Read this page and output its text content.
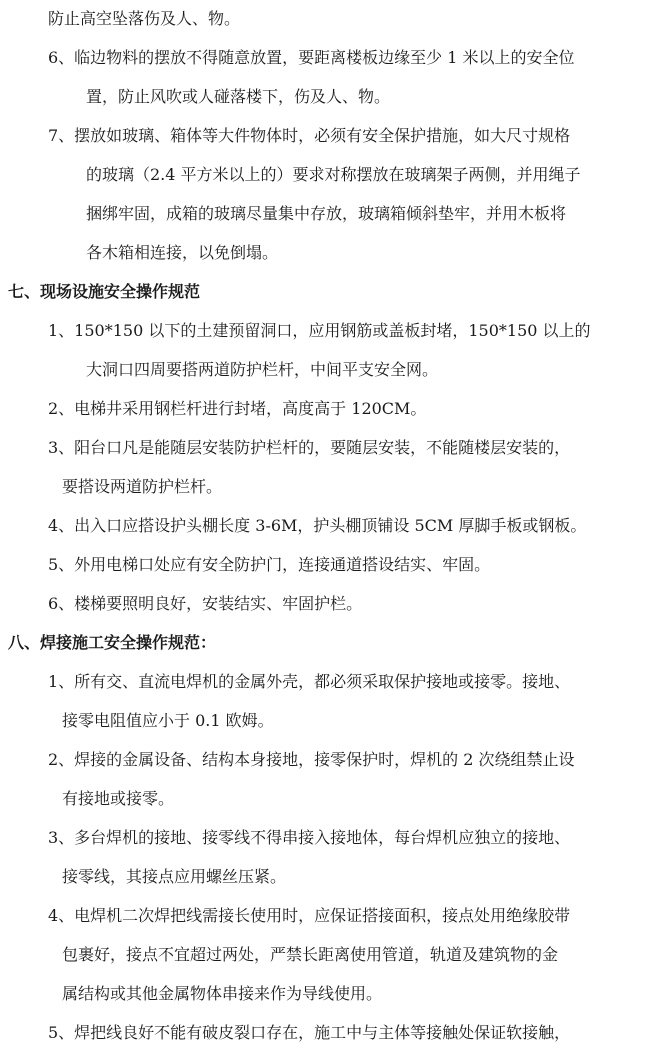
防止高空坠落伤及人、物。
6、临边物料的摆放不得随意放置，要距离楼板边缘至少 1 米以上的安全位
置，防止风吹或人碰落楼下，伤及人、物。
7、摆放如玻璃、箱体等大件物体时，必须有安全保护措施，如大尺寸规格
的玻璃（2.4 平方米以上的）要求对称摆放在玻璃架子两侧，并用绳子
捆绑牢固，成箱的玻璃尽量集中存放，玻璃箱倾斜垫牢，并用木板将
各木箱相连接，以免倒塌。
七、现场设施安全操作规范
1、150*150 以下的土建预留洞口，应用钢筋或盖板封堵，150*150 以上的
大洞口四周要搭两道防护栏杆，中间平支安全网。
2、电梯井采用钢栏杆进行封堵，高度高于 120CM。
3、阳台口凡是能随层安装防护栏杆的，要随层安装，不能随楼层安装的，
要搭设两道防护栏杆。
4、出入口应搭设护头棚长度 3-6M，护头棚顶铺设 5CM 厚脚手板或钢板。
5、外用电梯口处应有安全防护门，连接通道搭设结实、牢固。
6、楼梯要照明良好，安装结实、牢固护栏。
八、焊接施工安全操作规范：
1、所有交、直流电焊机的金属外壳，都必须采取保护接地或接零。接地、
接零电阻值应小于 0.1 欧姆。
2、焊接的金属设备、结构本身接地，接零保护时，焊机的 2 次绕组禁止设
有接地或接零。
3、多台焊机的接地、接零线不得串接入接地体，每台焊机应独立的接地、
接零线，其接点应用螺丝压紧。
4、电焊机二次焊把线需接长使用时，应保证搭接面积，接点处用绝缘胶带
包裹好，接点不宜超过两处，严禁长距离使用管道，轨道及建筑物的金
属结构或其他金属物体串接来作为导线使用。
5、焊把线良好不能有破皮裂口存在，施工中与主体等接触处保证软接触，
